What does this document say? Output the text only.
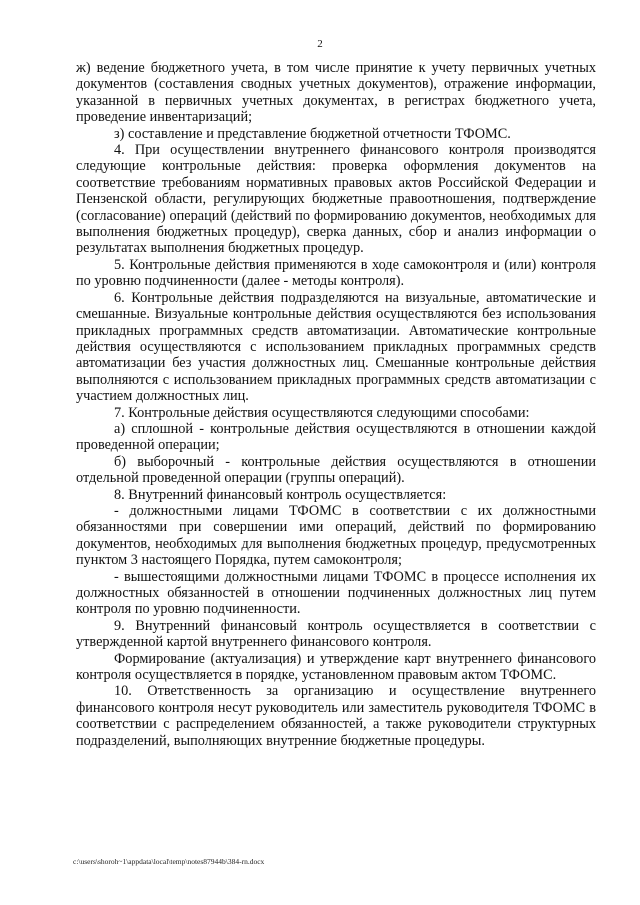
2

ж) ведение бюджетного учета, в том числе принятие к учету первичных учетных документов (составления сводных учетных документов), отражение информации, указанной в первичных учетных документах, в регистрах бюджетного учета, проведение инвентаризаций;

з) составление и представление бюджетной отчетности ТФОМС.

4. При осуществлении внутреннего финансового контроля производятся следующие контрольные действия: проверка оформления документов на соответствие требованиям нормативных правовых актов Российской Федерации и Пензенской области, регулирующих бюджетные правоотношения, подтверждение (согласование) операций (действий по формированию документов, необходимых для выполнения бюджетных процедур), сверка данных, сбор и анализ информации о результатах выполнения бюджетных процедур.

5. Контрольные действия применяются в ходе самоконтроля и (или) контроля по уровню подчиненности (далее - методы контроля).

6. Контрольные действия подразделяются на визуальные, автоматические и смешанные. Визуальные контрольные действия осуществляются без использования прикладных программных средств автоматизации. Автоматические контрольные действия осуществляются с использованием прикладных программных средств автоматизации без участия должностных лиц. Смешанные контрольные действия выполняются с использованием прикладных программных средств автоматизации с участием должностных лиц.

7. Контрольные действия осуществляются следующими способами:

а) сплошной - контрольные действия осуществляются в отношении каждой проведенной операции;

б) выборочный - контрольные действия осуществляются в отношении отдельной проведенной операции (группы операций).

8. Внутренний финансовый контроль осуществляется:

- должностными лицами ТФОМС в соответствии с их должностными обязанностями при совершении ими операций, действий по формированию документов, необходимых для выполнения бюджетных процедур, предусмотренных пунктом 3 настоящего Порядка, путем самоконтроля;

- вышестоящими должностными лицами ТФОМС в процессе исполнения их должностных обязанностей в отношении подчиненных должностных лиц путем контроля по уровню подчиненности.

9. Внутренний финансовый контроль осуществляется в соответствии с утвержденной картой внутреннего финансового контроля.

Формирование (актуализация) и утверждение карт внутреннего финансового контроля осуществляется в порядке, установленном правовым актом ТФОМС.

10. Ответственность за организацию и осуществление внутреннего финансового контроля несут руководитель или заместитель руководителя ТФОМС в соответствии с распределением обязанностей, а также руководители структурных подразделений, выполняющих внутренние бюджетные процедуры.

c:\users\shoroh~1\appdata\local\temp\notes87944b\384-rn.docx
